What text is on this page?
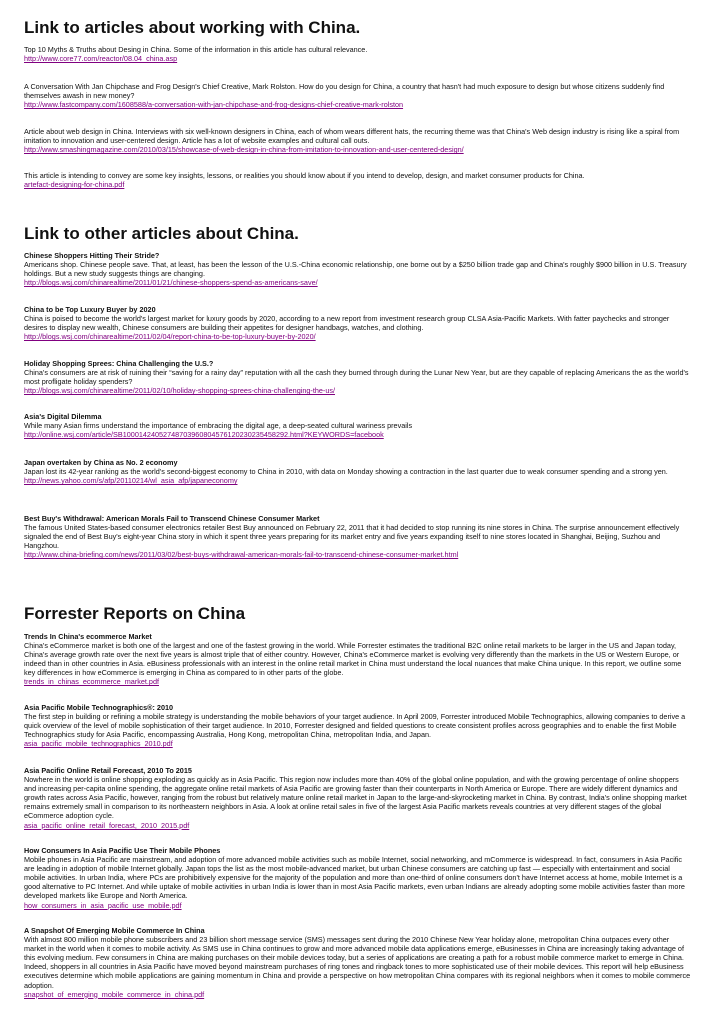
Link to articles about working with China.
Top 10 Myths & Truths about Desing in China. Some of the information in this article has cultural relevance.
http://www.core77.com/reactor/08.04_china.asp
A Conversation With Jan Chipchase and Frog Design's Chief Creative, Mark Rolston. How do you design for China, a country that hasn't had much exposure to design but whose citizens suddenly find themselves awash in new money?
http://www.fastcompany.com/1608588/a-conversation-with-jan-chipchase-and-frog-designs-chief-creative-mark-rolston
Article about web design in China. Interviews with six well-known designers in China, each of whom wears different hats, the recurring theme was that China's Web design industry is rising like a spiral from imitation to innovation and user-centered design. Article has a lot of website examples and cultural call outs.
http://www.smashingmagazine.com/2010/03/15/showcase-of-web-design-in-china-from-imitation-to-innovation-and-user-centered-design/
This article is intending to convey are some key insights, lessons, or realities you should know about if you intend to develop, design, and market consumer products for China.
artefact-designing-for-china.pdf
Link to other articles about China.
Chinese Shoppers Hitting Their Stride?
Americans shop. Chinese people save. That, at least, has been the lesson of the U.S.-China economic relationship, one borne out by a $250 billion trade gap and China's roughly $900 billion in U.S. Treasury holdings. But a new study suggests things are changing.
http://blogs.wsj.com/chinarealtime/2011/01/21/chinese-shoppers-spend-as-americans-save/
China to be Top Luxury Buyer by 2020
China is poised to become the world's largest market for luxury goods by 2020, according to a new report from investment research group CLSA Asia-Pacific Markets. With fatter paychecks and stronger desires to display new wealth, Chinese consumers are building their appetites for designer handbags, watches, and clothing.
http://blogs.wsj.com/chinarealtime/2011/02/04/report-china-to-be-top-luxury-buyer-by-2020/
Holiday Shopping Sprees: China Challenging the U.S.?
China's consumers are at risk of ruining their “saving for a rainy day” reputation with all the cash they burned through during the Lunar New Year, but are they capable of replacing Americans the as the world's most profligate holiday spenders?
http://blogs.wsj.com/chinarealtime/2011/02/10/holiday-shopping-sprees-china-challenging-the-us/
Asia's Digital Dilemma
While many Asian firms understand the importance of embracing the digital age, a deep-seated cultural wariness prevails
http://online.wsj.com/article/SB10001424052748703960804576120230235458292.html?KEYWORDS=facebook
Japan overtaken by China as No. 2 economy
Japan lost its 42-year ranking as the world's second-biggest economy to China in 2010, with data on Monday showing a contraction in the last quarter due to weak consumer spending and a strong yen.
http://news.yahoo.com/s/afp/20110214/wl_asia_afp/japaneconomy
Best Buy's Withdrawal: American Morals Fail to Transcend Chinese Consumer Market
The famous United States-based consumer electronics retailer Best Buy announced on February 22, 2011 that it had decided to stop running its nine stores in China. The surprise announcement effectively signaled the end of Best Buy's eight-year China story in which it spent three years preparing for its market entry and five years expanding itself to nine stores located in Shanghai, Beijing, Suzhou and Hangzhou.
http://www.china-briefing.com/news/2011/03/02/best-buys-withdrawal-american-morals-fail-to-transcend-chinese-consumer-market.html
Forrester Reports on China
Trends In China's ecommerce Market
China's eCommerce market is both one of the largest and one of the fastest growing in the world. While Forrester estimates the traditional B2C online retail markets to be larger in the US and Japan today, China's average growth rate over the next five years is almost triple that of either country. However, China's eCommerce market is evolving very differently than the markets in the US or Western Europe, or indeed than in other countries in Asia. eBusiness professionals with an interest in the online retail market in China must understand the local nuances that make China unique. In this report, we outline some key differences in how eCommerce is emerging in China as compared to in other parts of the globe.
trends_in_chinas_ecommerce_market.pdf
Asia Pacific Mobile Technographics®: 2010
The first step in building or refining a mobile strategy is understanding the mobile behaviors of your target audience. In April 2009, Forrester introduced Mobile Technographics, allowing companies to derive a quick overview of the level of mobile sophistication of their target audience. In 2010, Forrester designed and fielded questions to create consistent profiles across geographies and to enable the first Mobile Technographics study for Asia Pacific, encompassing Australia, Hong Kong, metropolitan China, metropolitan India, and Japan.
asia_pacific_mobile_technographics_2010.pdf
Asia Pacific Online Retail Forecast, 2010 To 2015
Nowhere in the world is online shopping exploding as quickly as in Asia Pacific. This region now includes more than 40% of the global online population, and with the growing percentage of online shoppers and increasing per-capita online spending, the aggregate online retail markets of Asia Pacific are growing faster than their counterparts in North America or Europe. There are widely different dynamics and growth rates across Asia Pacific, however, ranging from the robust but relatively mature online retail market in Japan to the large-and-skyrocketing market in China. By contrast, India's online shopping market remains extremely small in comparison to its northeastern neighbors in Asia. A look at online retail sales in five of the largest Asia Pacific markets reveals countries at very different stages of the global eCommerce adoption cycle.
asia_pacific_online_retail_forecast,_2010_2015.pdf
How Consumers In Asia Pacific Use Their Mobile Phones
Mobile phones in Asia Pacific are mainstream, and adoption of more advanced mobile activities such as mobile Internet, social networking, and mCommerce is widespread. In fact, consumers in Asia Pacific are leading in adoption of mobile Internet globally. Japan tops the list as the most mobile-advanced market, but urban Chinese consumers are catching up fast — especially with entertainment and social mobile activities. In urban India, where PCs are prohibitively expensive for the majority of the population and more than one-third of online consumers don't have Internet access at home, mobile Internet is a good alternative to PC Internet. And while uptake of mobile activities in urban India is lower than in most Asia Pacific markets, even urban Indians are already adopting some mobile activities faster than more developed markets like Europe and North America.
how_consumers_in_asia_pacific_use_mobile.pdf
A Snapshot Of Emerging Mobile Commerce In China
With almost 800 million mobile phone subscribers and 23 billion short message service (SMS) messages sent during the 2010 Chinese New Year holiday alone, metropolitan China outpaces every other market in the world when it comes to mobile activity. As SMS use in China continues to grow and more advanced mobile data applications emerge, eBusinesses in China are increasingly taking advantage of this evolving medium. Few consumers in China are making purchases on their mobile devices today, but a series of applications are creating a path for a robust mobile commerce market to emerge in China. Indeed, shoppers in all countries in Asia Pacific have moved beyond mainstream purchases of ring tones and ringback tones to more sophisticated use of their mobile devices. This report will help eBusiness executives determine which mobile applications are gaining momentum in China and provide a perspective on how metropolitan China compares with its regional neighbors when it comes to mobile commerce adoption.
snapshot_of_emerging_mobile_commerce_in_china.pdf
